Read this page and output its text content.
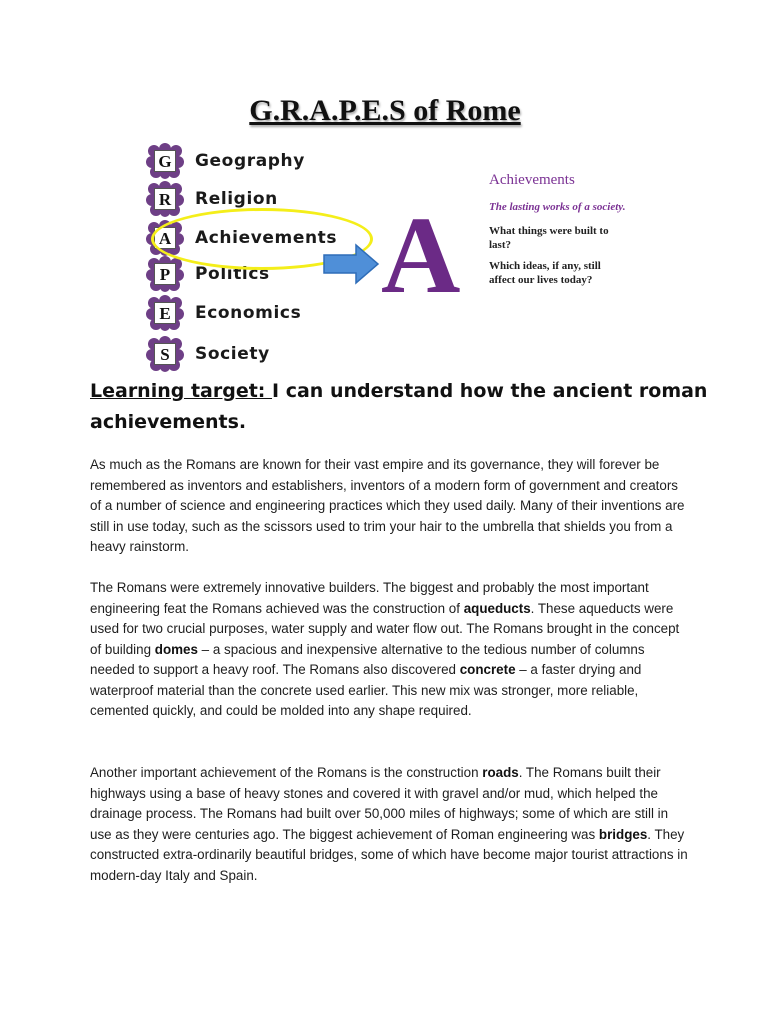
G.R.A.P.E.S of Rome
G Geography
R Religion
A Achievements
P	Politics
E	Economics
S	Society
A

Achievements

The lasting works of a society.

What things were built to last?

Which ideas, if any, still affect our lives today?

Learning target: I can understand how the ancient roman achievements.

As much as the Romans are known for their vast empire and its governance, they will forever be remembered as inventors and establishers, inventors of a modern form of government and creators of a number of science and engineering practices which they used daily. Many of their inventions are still in use today, such as the scissors used to trim your hair to the umbrella that shields you from a heavy rainstorm.

The Romans were extremely innovative builders. The biggest and probably the most important engineering feat the Romans achieved was the construction of aqueducts. These aqueducts were used for two crucial purposes, water supply and water flow out. The Romans brought in the concept of building domes – a spacious and inexpensive alternative to the tedious number of columns needed to support a heavy roof. The Romans also discovered concrete – a faster drying and waterproof material than the concrete used earlier. This new mix was stronger, more reliable, cemented quickly, and could be molded into any shape required.

Another important achievement of the Romans is the construction roads. The Romans built their highways using a base of heavy stones and covered it with gravel and/or mud, which helped the drainage process. The Romans had built over 50,000 miles of highways; some of which are still in use as they were centuries ago. The biggest achievement of Roman engineering was bridges. They constructed extra-ordinarily beautiful bridges, some of which have become major tourist attractions in modern-day Italy and Spain.
